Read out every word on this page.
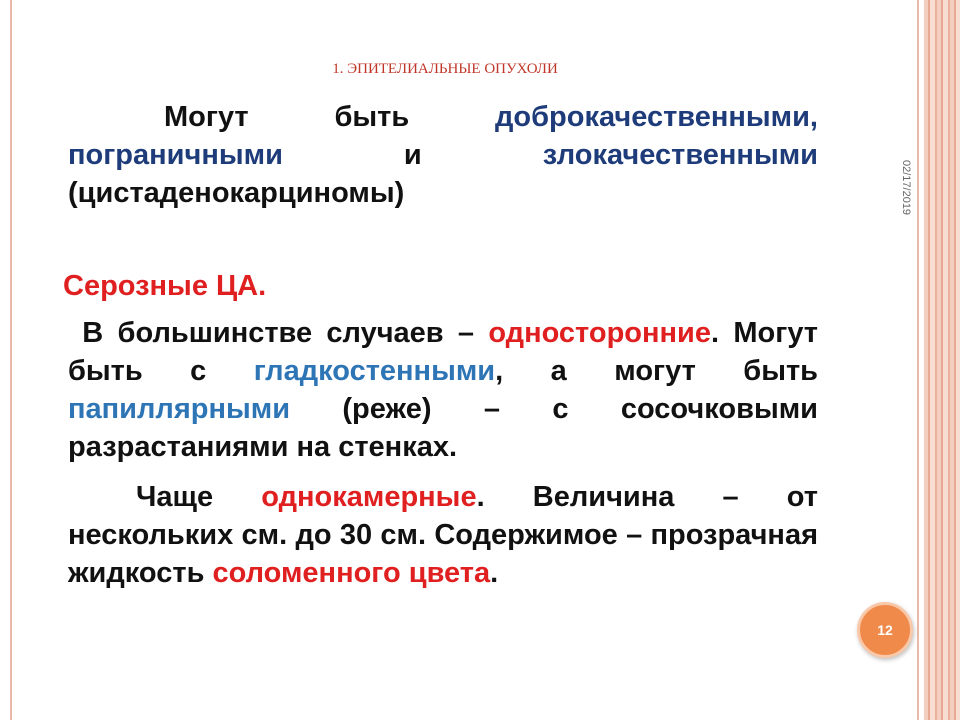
1. ЭПИТЕЛИАЛЬНЫЕ ОПУХОЛИ
02/17/2019
Могут быть доброкачественными, пограничными и злокачественными (цистаденокарциномы)
Серозные ЦА.
В большинстве случаев – односторонние. Могут быть с гладкостенными, а могут быть папиллярными (реже) – с сосочковыми разрастаниями на стенках.
Чаще однокамерные. Величина – от нескольких см. до 30 см. Содержимое – прозрачная жидкость соломенного цвета.
12
